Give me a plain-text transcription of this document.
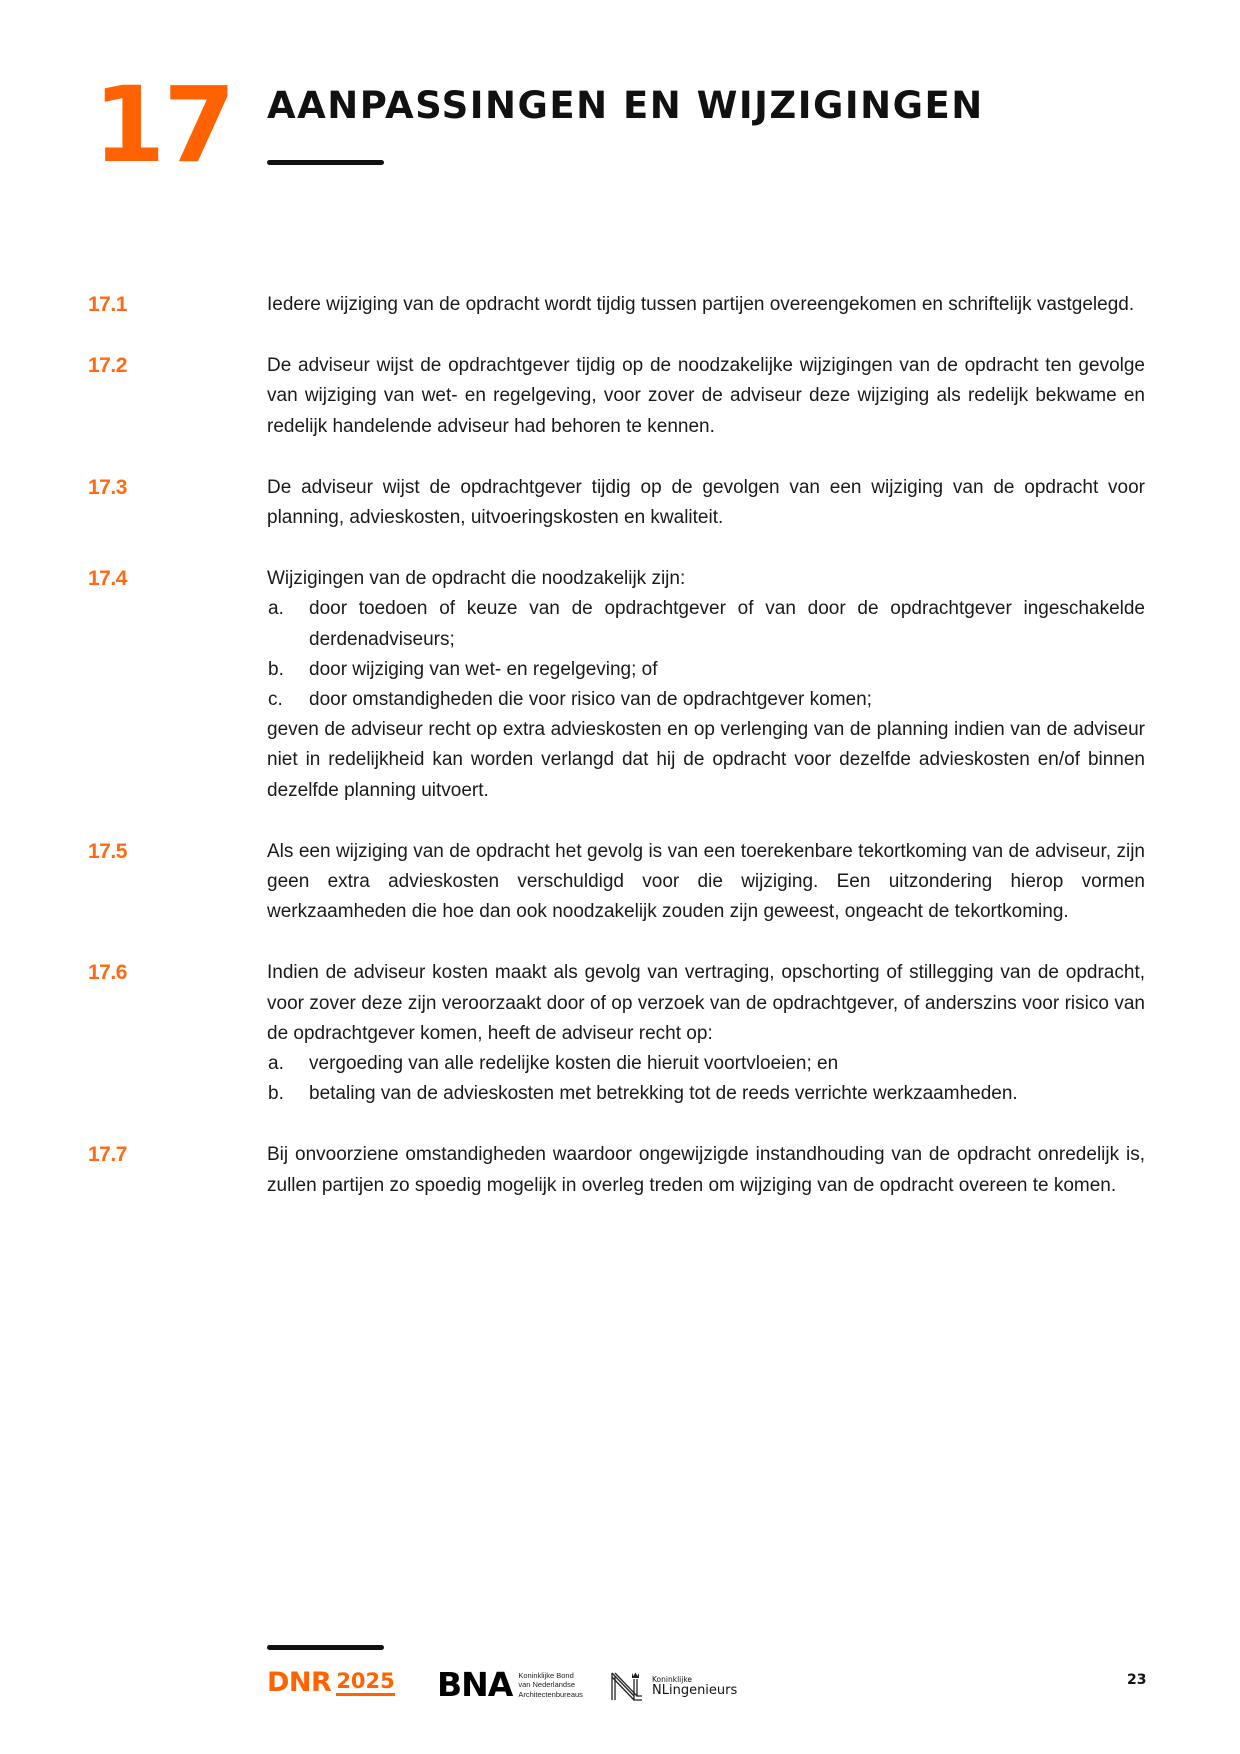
17 AANPASSINGEN EN WIJZIGINGEN
17.1	Iedere wijziging van de opdracht wordt tijdig tussen partijen overeengekomen en schriftelijk vastgelegd.

17.2	De adviseur wijst de opdrachtgever tijdig op de noodzakelijke wijzigingen van de opdracht ten gevolge van wijziging van wet- en regelgeving, voor zover de adviseur deze wijziging als redelijk bekwame en redelijk handelende adviseur had behoren te kennen.

17.3	De adviseur wijst de opdrachtgever tijdig op de gevolgen van een wijziging van de opdracht voor planning, advieskosten, uitvoeringskosten en kwaliteit.

17.4	Wijzigingen van de opdracht die noodzakelijk zijn:

a. door toedoen of keuze van de opdrachtgever of van door de opdrachtgever ingeschakelde derdenadviseurs;
b. door wijziging van wet- en regelgeving; of
c. door omstandigheden die voor risico van de opdrachtgever komen;

geven de adviseur recht op extra advieskosten en op verlenging van de planning indien van de adviseur niet in redelijkheid kan worden verlangd dat hij de opdracht voor dezelfde advieskosten en/of binnen dezelfde planning uitvoert.

17.5	Als een wijziging van de opdracht het gevolg is van een toerekenbare tekortkoming van de adviseur, zijn geen extra advieskosten verschuldigd voor die wijziging. Een uitzondering hierop vormen werkzaamheden die hoe dan ook noodzakelijk zouden zijn geweest, ongeacht de tekortkoming.

17.6	Indien de adviseur kosten maakt als gevolg van vertraging, opschorting of stillegging van de opdracht, voor zover deze zijn veroorzaakt door of op verzoek van de opdrachtgever, of anderszins voor risico van de opdrachtgever komen, heeft de adviseur recht op:

a. vergoeding van alle redelijke kosten die hieruit voortvloeien; en
b. betaling van de advieskosten met betrekking tot de reeds verrichte werkzaamheden.
17.7	Bij onvoorziene omstandigheden waardoor ongewijzigde instandhouding van de opdracht onredelijk is, zullen partijen zo spoedig mogelijk in overleg treden om wijziging van de opdracht overeen te komen.

DNR 2025 BNA Koninklijke Bond
van Nederlandse
Architectenbureaus
Koninklijke
NLingenieurs
23
